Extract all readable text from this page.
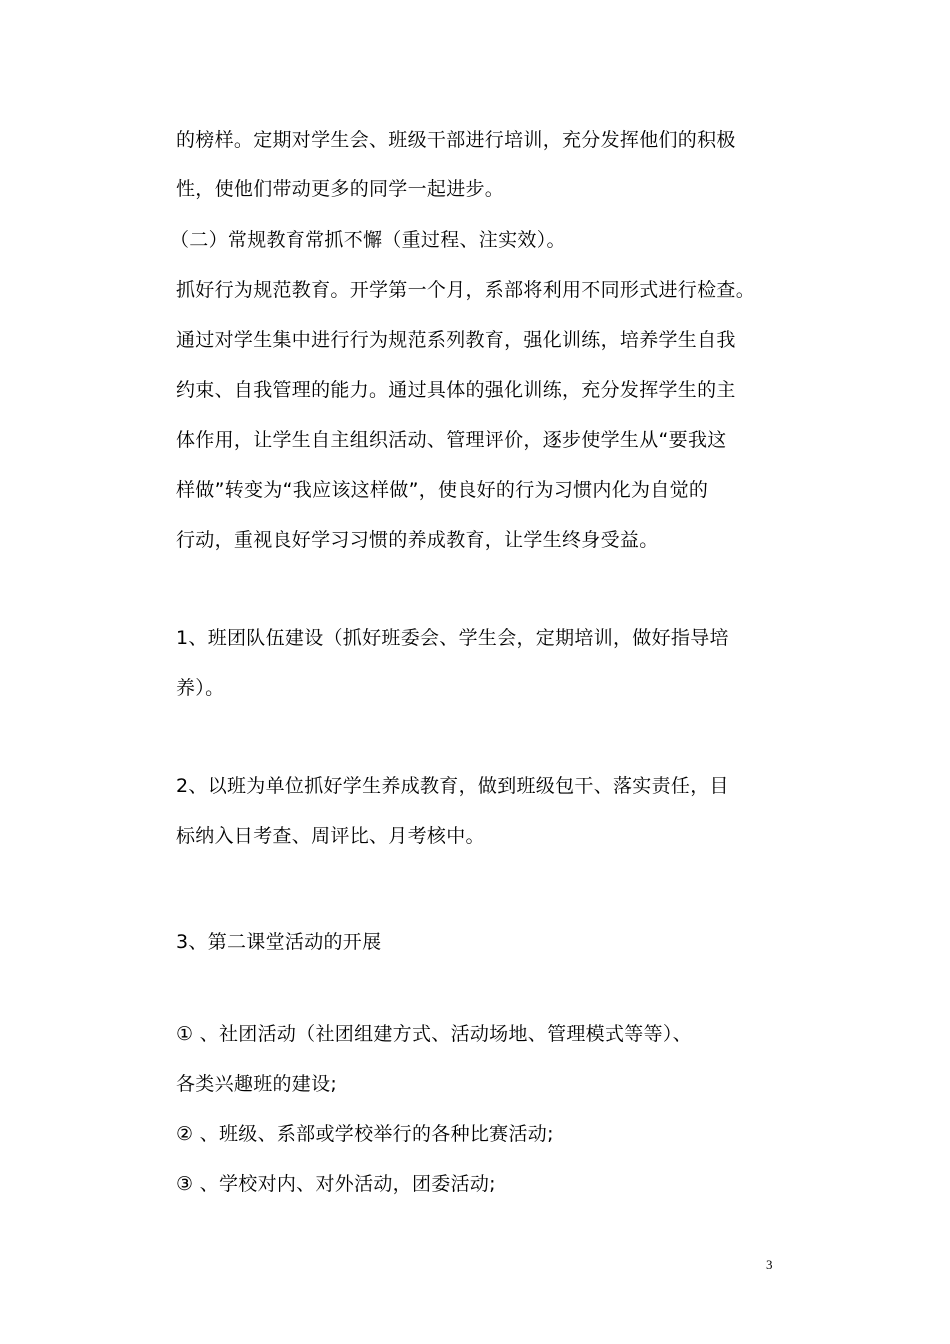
的榜样。定期对学生会、班级干部进行培训，充分发挥他们的积极
性，使他们带动更多的同学一起进步。
（二）常规教育常抓不懈（重过程、注实效）。
抓好行为规范教育。开学第一个月，系部将利用不同形式进行检查。
通过对学生集中进行行为规范系列教育，强化训练，培养学生自我
约束、自我管理的能力。通过具体的强化训练，充分发挥学生的主
体作用，让学生自主组织活动、管理评价，逐步使学生从“要我这
样做”转变为“我应该这样做”，使良好的行为习惯内化为自觉的
行动，重视良好学习习惯的养成教育，让学生终身受益。
1、班团队伍建设（抓好班委会、学生会，定期培训，做好指导培
养）。
2、以班为单位抓好学生养成教育，做到班级包干、落实责任，目
标纳入日考查、周评比、月考核中。
3、第二课堂活动的开展
① 、社团活动（社团组建方式、活动场地、管理模式等等）、
各类兴趣班的建设;
② 、班级、系部或学校举行的各种比赛活动;
③ 、学校对内、对外活动，团委活动;
3
